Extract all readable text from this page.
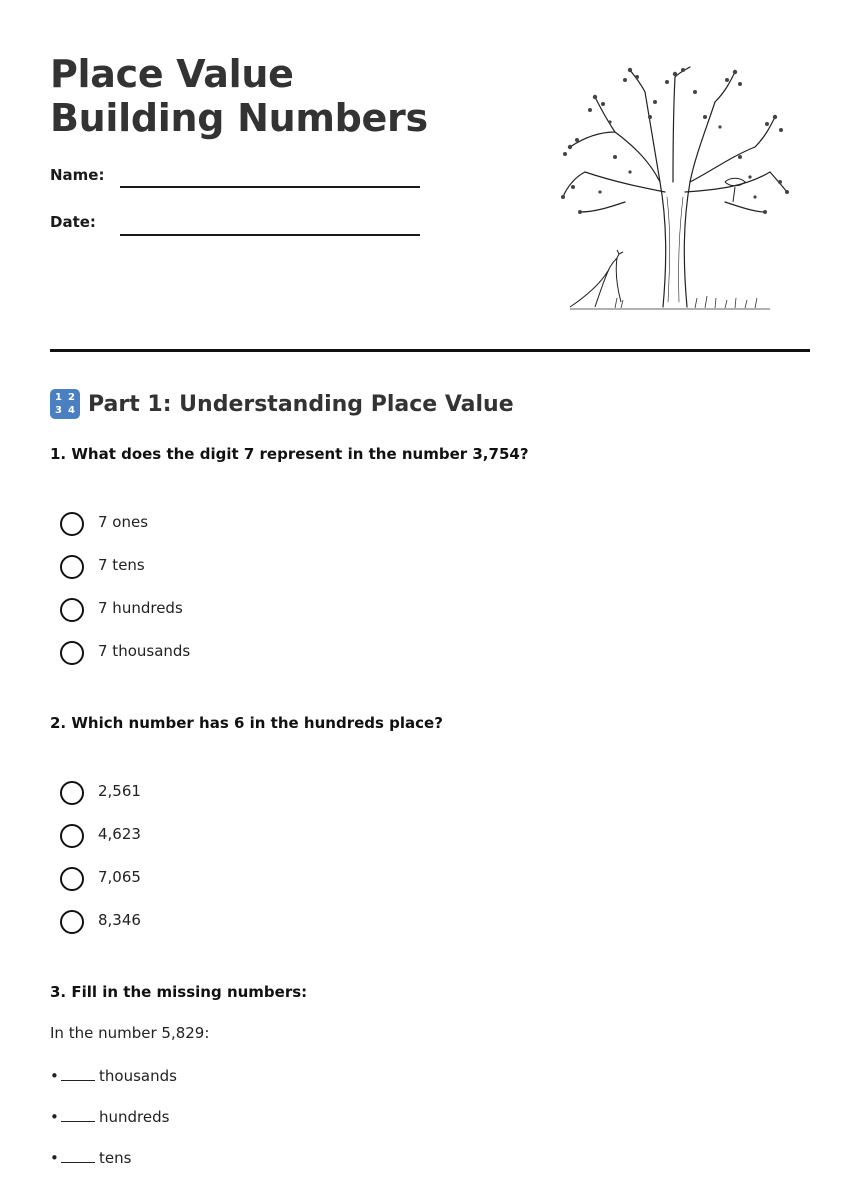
Place Value Building Numbers
Name:
Date:
1 2
3 4 Part 1: Understanding Place Value
1. What does the digit 7 represent in the number 3,754?
7 ones
7 tens
7 hundreds
7 thousands
2. Which number has 6 in the hundreds place?
2,561
4,623
7,065
8,346
3. Fill in the missing numbers:
In the number 5,829:
•	thousands
•	hundreds
•	tens
